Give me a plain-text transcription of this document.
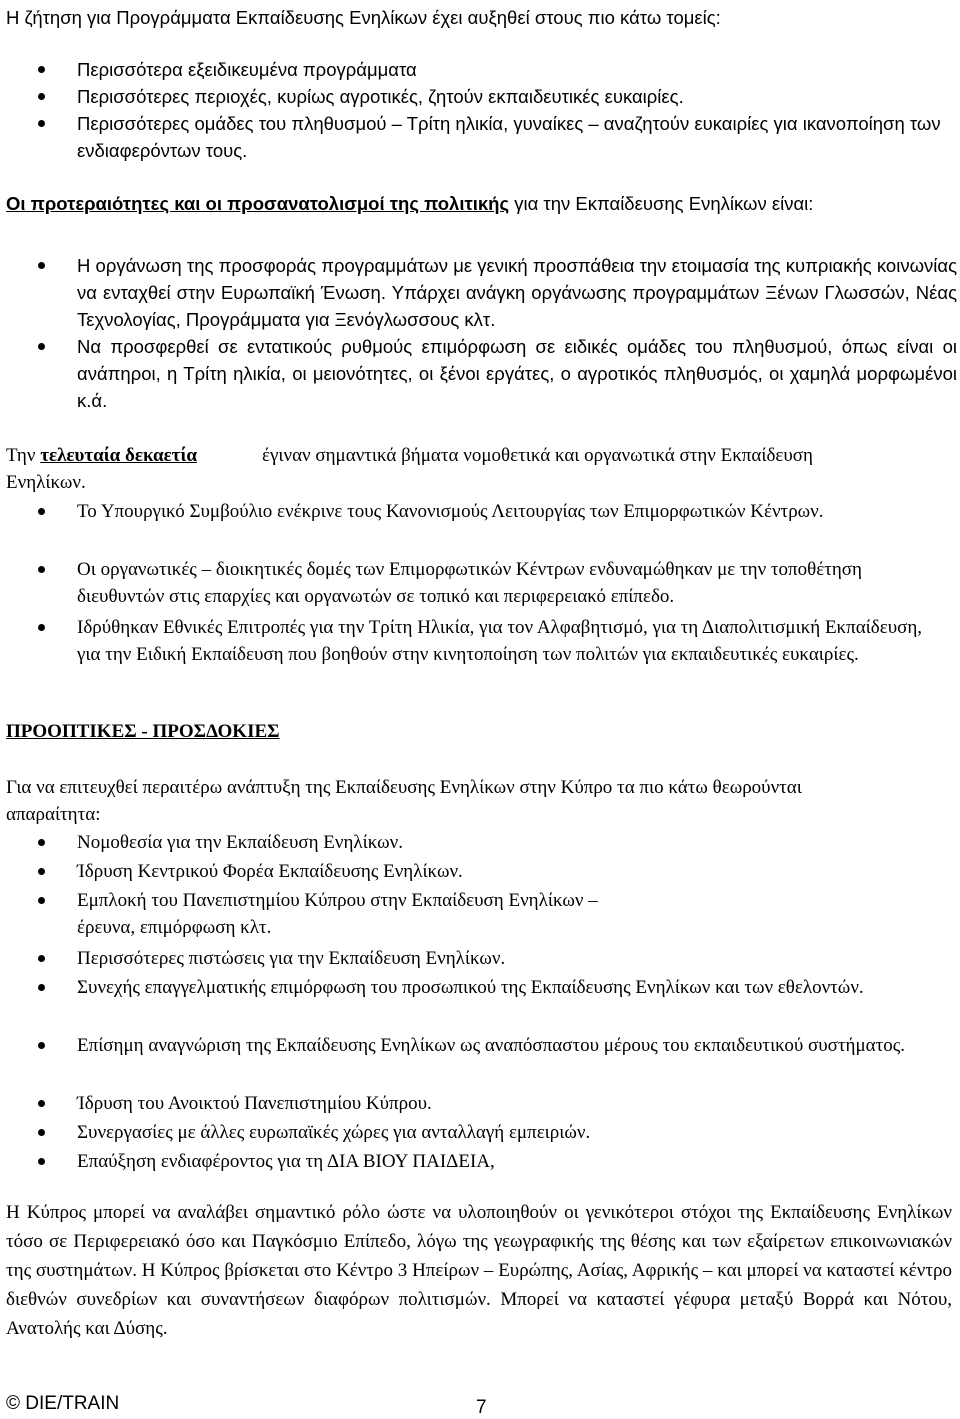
Η ζήτηση για Προγράμματα Εκπαίδευσης Ενηλίκων έχει αυξηθεί στους πιο κάτω τομείς:
Περισσότερα εξειδικευμένα προγράμματα
Περισσότερες περιοχές, κυρίως αγροτικές, ζητούν εκπαιδευτικές ευκαιρίες.
Περισσότερες ομάδες του πληθυσμού – Τρίτη ηλικία, γυναίκες – αναζητούν ευκαιρίες για ικανοποίηση των ενδιαφερόντων τους.
Οι προτεραιότητες και οι προσανατολισμοί της πολιτικής για την Εκπαίδευσης Ενηλίκων είναι:
Η οργάνωση της προσφοράς προγραμμάτων με γενική προσπάθεια την ετοιμασία της κυπριακής κοινωνίας να ενταχθεί στην Ευρωπαϊκή Ένωση. Υπάρχει ανάγκη οργάνωσης προγραμμάτων Ξένων Γλωσσών, Νέας Τεχνολογίας, Προγράμματα για Ξενόγλωσσους κλτ.
Να προσφερθεί σε εντατικούς ρυθμούς επιμόρφωση σε ειδικές ομάδες του πληθυσμού, όπως είναι οι ανάπηροι, η Τρίτη ηλικία, οι μειονότητες, οι ξένοι εργάτες, ο αγροτικός πληθυσμός, οι χαμηλά μορφωμένοι κ.ά.
Την τελευταία δεκαετία	έγιναν σημαντικά βήματα νομοθετικά και οργανωτικά στην Εκπαίδευση
Ενηλίκων.
Το Υπουργικό Συμβούλιο ενέκρινε τους Κανονισμούς Λειτουργίας των Επιμορφωτικών Κέντρων.
Οι οργανωτικές – διοικητικές δομές των Επιμορφωτικών Κέντρων ενδυναμώθηκαν με την τοποθέτηση διευθυντών στις επαρχίες και οργανωτών σε τοπικό και περιφερειακό επίπεδο.
Ιδρύθηκαν Εθνικές Επιτροπές για την Τρίτη Ηλικία, για τον Αλφαβητισμό, για τη Διαπολιτισμική Εκπαίδευση, για την Ειδική Εκπαίδευση που βοηθούν στην κινητοποίηση των πολιτών για εκπαιδευτικές ευκαιρίες.
ΠΡΟΟΠΤΙΚΕΣ - ΠΡΟΣΔΟΚΙΕΣ
Για να επιτευχθεί περαιτέρω ανάπτυξη της Εκπαίδευσης Ενηλίκων στην Κύπρο τα πιο κάτω θεωρούνται απαραίτητα:
Νομοθεσία για την Εκπαίδευση Ενηλίκων.
Ίδρυση Κεντρικού Φορέα Εκπαίδευσης Ενηλίκων.
Εμπλοκή του Πανεπιστημίου Κύπρου στην Εκπαίδευση Ενηλίκων – έρευνα, επιμόρφωση κλτ.
Περισσότερες πιστώσεις για την Εκπαίδευση Ενηλίκων.
Συνεχής επαγγελματικής επιμόρφωση του προσωπικού της Εκπαίδευσης Ενηλίκων και των εθελοντών.
Επίσημη αναγνώριση της Εκπαίδευσης Ενηλίκων ως αναπόσπαστου μέρους του εκπαιδευτικού συστήματος.
Ίδρυση του Ανοικτού Πανεπιστημίου Κύπρου.
Συνεργασίες με άλλες ευρωπαϊκές χώρες για ανταλλαγή εμπειριών.
Επαύξηση ενδιαφέροντος για τη ΔΙΑ ΒΙΟΥ ΠΑΙΔΕΙΑ,
Η Κύπρος μπορεί να αναλάβει σημαντικό ρόλο ώστε να υλοποιηθούν οι γενικότεροι στόχοι της Εκπαίδευσης Ενηλίκων τόσο σε Περιφερειακό όσο και Παγκόσμιο Επίπεδο, λόγω της γεωγραφικής της θέσης και των εξαίρετων επικοινωνιακών της συστημάτων. Η Κύπρος βρίσκεται στο Κέντρο 3 Ηπείρων – Ευρώπης, Ασίας, Αφρικής – και μπορεί να καταστεί κέντρο διεθνών συνεδρίων και συναντήσεων διαφόρων πολιτισμών. Μπορεί να καταστεί γέφυρα μεταξύ Βορρά και Νότου, Ανατολής και Δύσης.
© DIE/TRAIN	7
